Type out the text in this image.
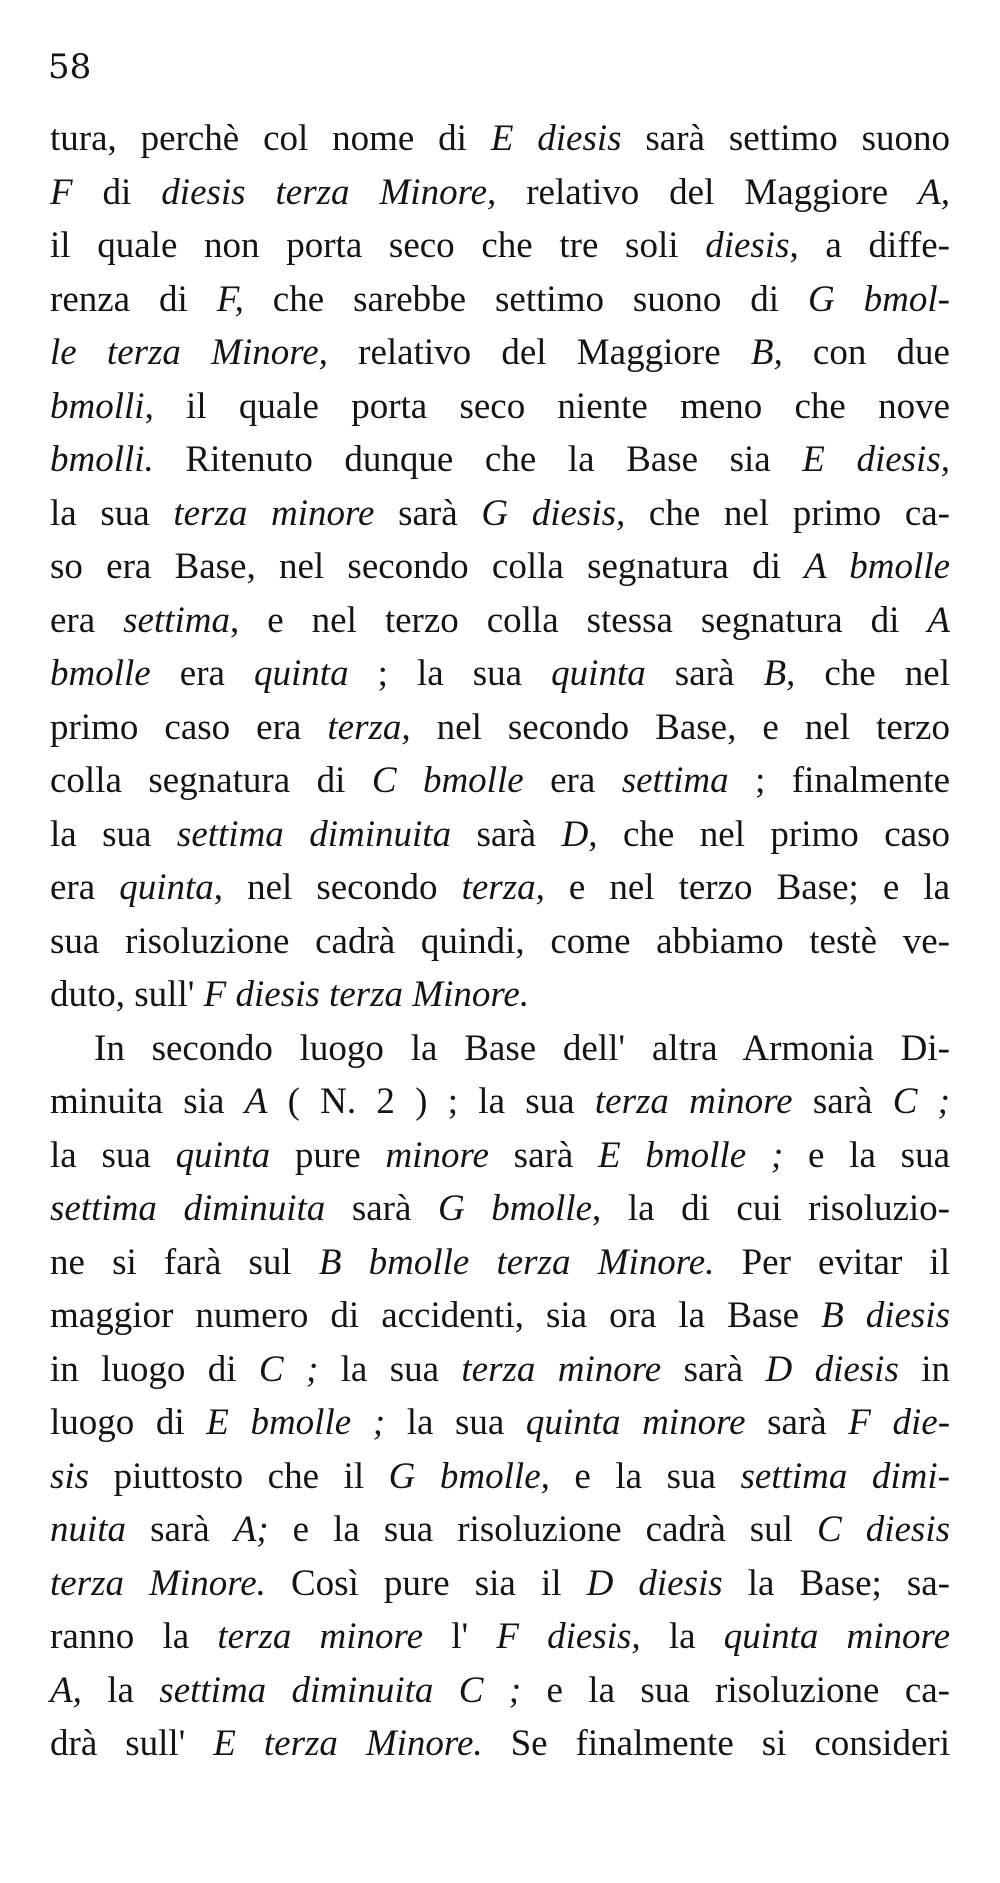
58
tura, perchè col nome di E diesis sarà settimo suono
F di diesis terza Minore, relativo del Maggiore A,
il quale non porta seco che tre soli diesis, a diffe-
renza di F, che sarebbe settimo suono di G bmol-
le terza Minore, relativo del Maggiore B, con due
bmolli, il quale porta seco niente meno che nove
bmolli. Ritenuto dunque che la Base sia E diesis,
la sua terza minore sarà G diesis, che nel primo ca-
so era Base, nel secondo colla segnatura di A bmolle
era settima, e nel terzo colla stessa segnatura di A
bmolle era quinta ; la sua quinta sarà B, che nel
primo caso era terza, nel secondo Base, e nel terzo
colla segnatura di C bmolle era settima ; finalmente
la sua settima diminuita sarà D, che nel primo caso
era quinta, nel secondo terza, e nel terzo Base; e la
sua risoluzione cadrà quindi, come abbiamo testè ve-
duto, sull' F diesis terza Minore.
In secondo luogo la Base dell' altra Armonia Di-
minuita sia A ( N. 2 ) ; la sua terza minore sarà C ;
la sua quinta pure minore sarà E bmolle ; e la sua
settima diminuita sarà G bmolle, la di cui risoluzio-
ne si farà sul B bmolle terza Minore. Per evitar il
maggior numero di accidenti, sia ora la Base B diesis
in luogo di C ; la sua terza minore sarà D diesis in
luogo di E bmolle ; la sua quinta minore sarà F die-
sis piuttosto che il G bmolle, e la sua settima dimi-
nuita sarà A; e la sua risoluzione cadrà sul C diesis
terza Minore. Così pure sia il D diesis la Base; sa-
ranno la terza minore l' F diesis, la quinta minore
A, la settima diminuita C ; e la sua risoluzione ca-
drà sull' E terza Minore. Se finalmente si consideri
